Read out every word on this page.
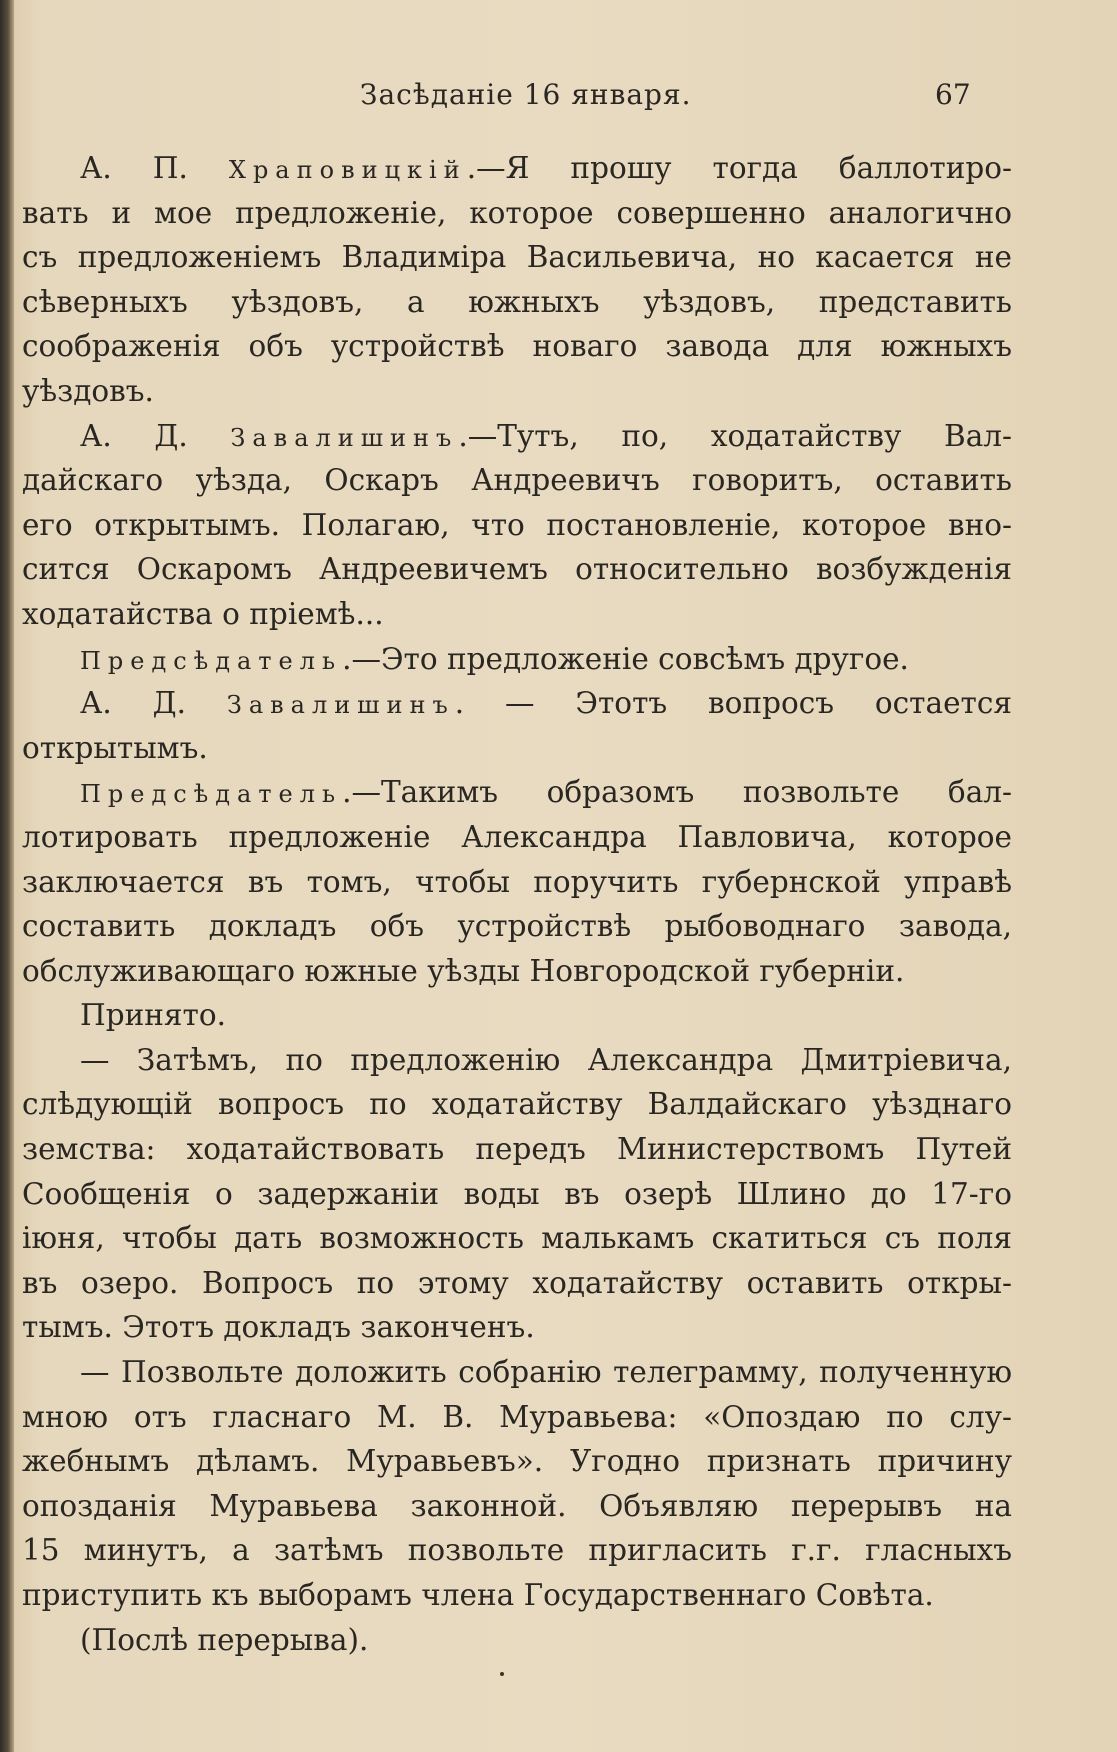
Засѣданіе 16 января.	67
А. П. Храповицкій.—Я прошу тогда баллотиро-
вать и мое предложеніе, которое совершенно аналогично
съ предложеніемъ Владиміра Васильевича, но касается не
сѣверныхъ уѣздовъ, а южныхъ уѣздовъ, представить
соображенія объ устройствѣ новаго завода для южныхъ
уѣздовъ.
А. Д. Завалишинъ.—Тутъ, по, ходатайству Вал-
дайскаго уѣзда, Оскаръ Андреевичъ говоритъ, оставить
его открытымъ. Полагаю, что постановленіе, которое вно-
сится Оскаромъ Андреевичемъ относительно возбужденія
ходатайства о пріемѣ...
Предсѣдатель.—Это предложеніе совсѣмъ другое.
А. Д. Завалишинъ. — Этотъ вопросъ остается
открытымъ.
Предсѣдатель.—Такимъ образомъ позвольте бал-
лотировать предложеніе Александра Павловича, которое
заключается въ томъ, чтобы поручить губернской управѣ
составить докладъ объ устройствѣ рыбоводнаго завода,
обслуживающаго южные уѣзды Новгородской губерніи.
Принято.
— Затѣмъ, по предложенію Александра Дмитріевича,
слѣдующій вопросъ по ходатайству Валдайскаго уѣзднаго
земства: ходатайствовать передъ Министерствомъ Путей
Сообщенія о задержаніи воды въ озерѣ Шлино до 17-го
іюня, чтобы дать возможность малькамъ скатиться съ поля
въ озеро. Вопросъ по этому ходатайству оставить откры-
тымъ. Этотъ докладъ законченъ.
— Позвольте доложить собранію телеграмму, полученную
мною отъ гласнаго М. В. Муравьева: «Опоздаю по слу-
жебнымъ дѣламъ. Муравьевъ». Угодно признать причину
опозданія Муравьева законной. Объявляю перерывъ на
15 минутъ, а затѣмъ позвольте пригласить г.г. гласныхъ
приступить къ выборамъ члена Государственнаго Совѣта.
(Послѣ перерыва).
